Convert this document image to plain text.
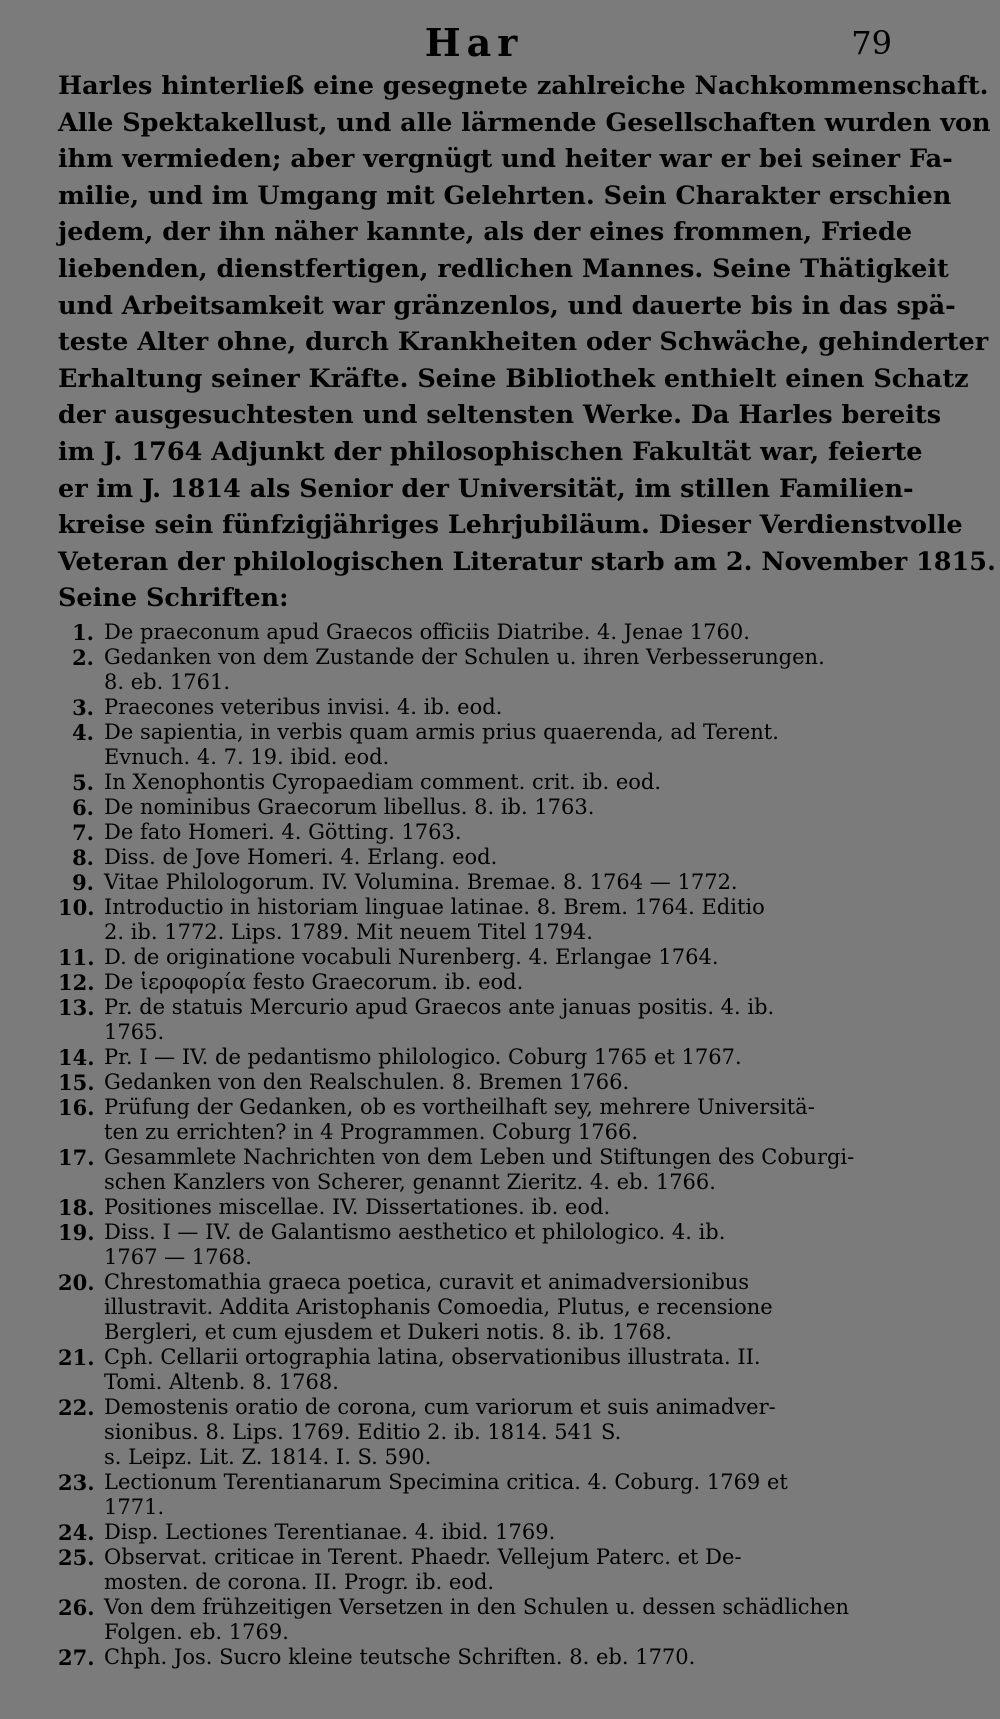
Har	79
Harles hinterließ eine gesegnete zahlreiche Nachkommenschaft.
Alle Spektakellust, und alle lärmende Gesellschaften wurden von
ihm vermieden; aber vergnügt und heiter war er bei seiner Fa-
milie, und im Umgang mit Gelehrten. Sein Charakter erschien
jedem, der ihn näher kannte, als der eines frommen, Friede
liebenden, dienstfertigen, redlichen Mannes. Seine Thätigkeit
und Arbeitsamkeit war gränzenlos, und dauerte bis in das spä-
teste Alter ohne, durch Krankheiten oder Schwäche, gehinderter
Erhaltung seiner Kräfte. Seine Bibliothek enthielt einen Schatz
der ausgesuchtesten und seltensten Werke. Da Harles bereits
im J. 1764 Adjunkt der philosophischen Fakultät war, feierte
er im J. 1814 als Senior der Universität, im stillen Familien-
kreise sein fünfzigjähriges Lehrjubiläum. Dieser Verdienstvolle
Veteran der philologischen Literatur starb am 2. November 1815.
Seine Schriften:
1. De praeconum apud Graecos officiis Diatribe. 4. Jenae 1760.
2. Gedanken von dem Zustande der Schulen u. ihren Verbesserungen.
8. eb. 1761.
3. Praecones veteribus invisi. 4. ib. eod.
4. De sapientia, in verbis quam armis prius quaerenda, ad Terent.
Evnuch. 4. 7. 19. ibid. eod.
5. In Xenophontis Cyropaediam comment. crit. ib. eod.
6. De nominibus Graecorum libellus. 8. ib. 1763.
7. De fato Homeri. 4. Götting. 1763.
8. Diss. de Jove Homeri. 4. Erlang. eod.
9. Vitae Philologorum. IV. Volumina. Bremae. 8. 1764 — 1772.
10. Introductio in historiam linguae latinae. 8. Brem. 1764. Editio
2. ib. 1772. Lips. 1789. Mit neuem Titel 1794.
11. D. de originatione vocabuli Nurenberg. 4. Erlangae 1764.
12. De ἱεροφορία festo Graecorum. ib. eod.
13. Pr. de statuis Mercurio apud Graecos ante januas positis. 4. ib.
1765.
14. Pr. I — IV. de pedantismo philologico. Coburg 1765 et 1767.
15. Gedanken von den Realschulen. 8. Bremen 1766.
16. Prüfung der Gedanken, ob es vortheilhaft sey, mehrere Universitä-
ten zu errichten? in 4 Programmen. Coburg 1766.
17. Gesammlete Nachrichten von dem Leben und Stiftungen des Coburgi-
schen Kanzlers von Scherer, genannt Zieritz. 4. eb. 1766.
18. Positiones miscellae. IV. Dissertationes. ib. eod.
19. Diss. I — IV. de Galantismo aesthetico et philologico. 4. ib.
1767 — 1768.
20. Chrestomathia graeca poetica, curavit et animadversionibus
illustravit. Addita Aristophanis Comoedia, Plutus, e recensione
Bergleri, et cum ejusdem et Dukeri notis. 8. ib. 1768.
21. Cph. Cellarii ortographia latina, observationibus illustrata. II.
Tomi. Altenb. 8. 1768.
22. Demostenis oratio de corona, cum variorum et suis animadver-
sionibus. 8. Lips. 1769. Editio 2. ib. 1814. 541 S.
s. Leipz. Lit. Z. 1814. I. S. 590.
23. Lectionum Terentianarum Specimina critica. 4. Coburg. 1769 et
1771.
24. Disp. Lectiones Terentianae. 4. ibid. 1769.
25. Observat. criticae in Terent. Phaedr. Vellejum Paterc. et De-
mosten. de corona. II. Progr. ib. eod.
26. Von dem frühzeitigen Versetzen in den Schulen u. dessen schädlichen
Folgen. eb. 1769.
27. Chph. Jos. Sucro kleine teutsche Schriften. 8. eb. 1770.
